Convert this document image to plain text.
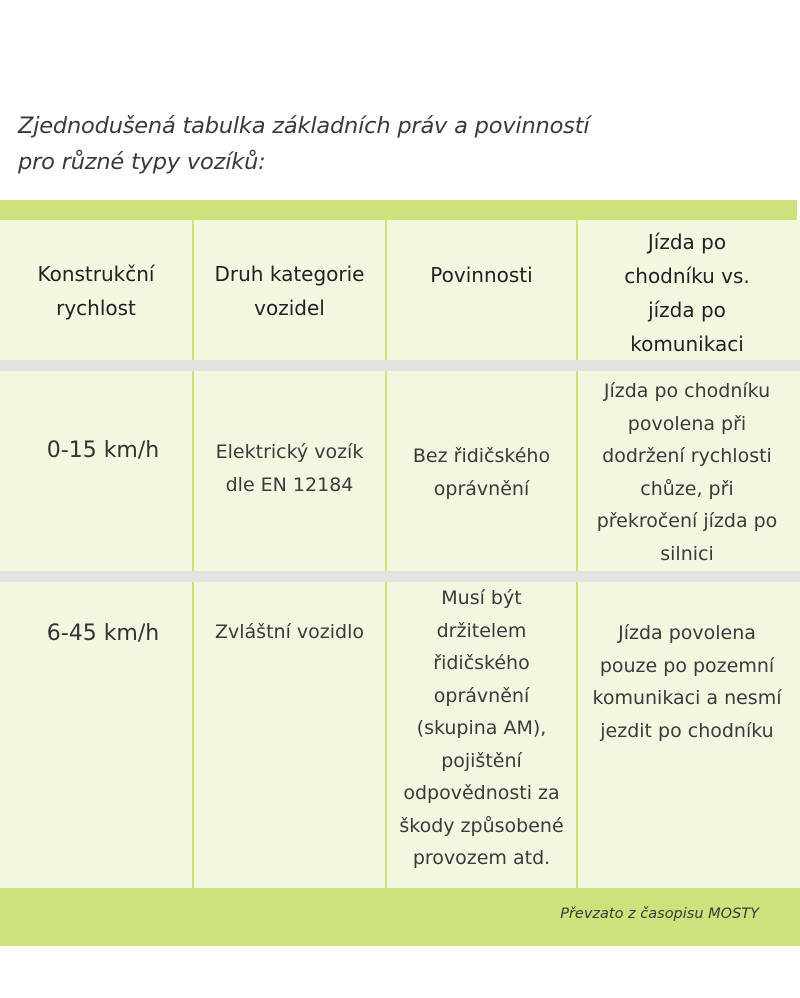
Zjednodušená tabulka základních práv a povinností
pro různé typy vozíků:
Konstrukční
rychlost
Druh kategorie
vozidel
Povinnosti
Jízda po
chodníku vs.
jízda po
komunikaci
0-15 km/h	Elektrický vozík
dle EN 12184
Bez řidičského
oprávnění
Jízda po chodníku
povolena při
dodržení rychlosti
chůze, při
překročení jízda po
silnici
6-45 km/h	Zvláštní vozidlo
Musí být
držitelem
řidičského
oprávnění
(skupina AM),
pojištění
odpovědnosti za
škody způsobené
provozem atd.
Jízda povolena
pouze po pozemní
komunikaci a nesmí
jezdit po chodníku
Převzato z časopisu MOSTY
